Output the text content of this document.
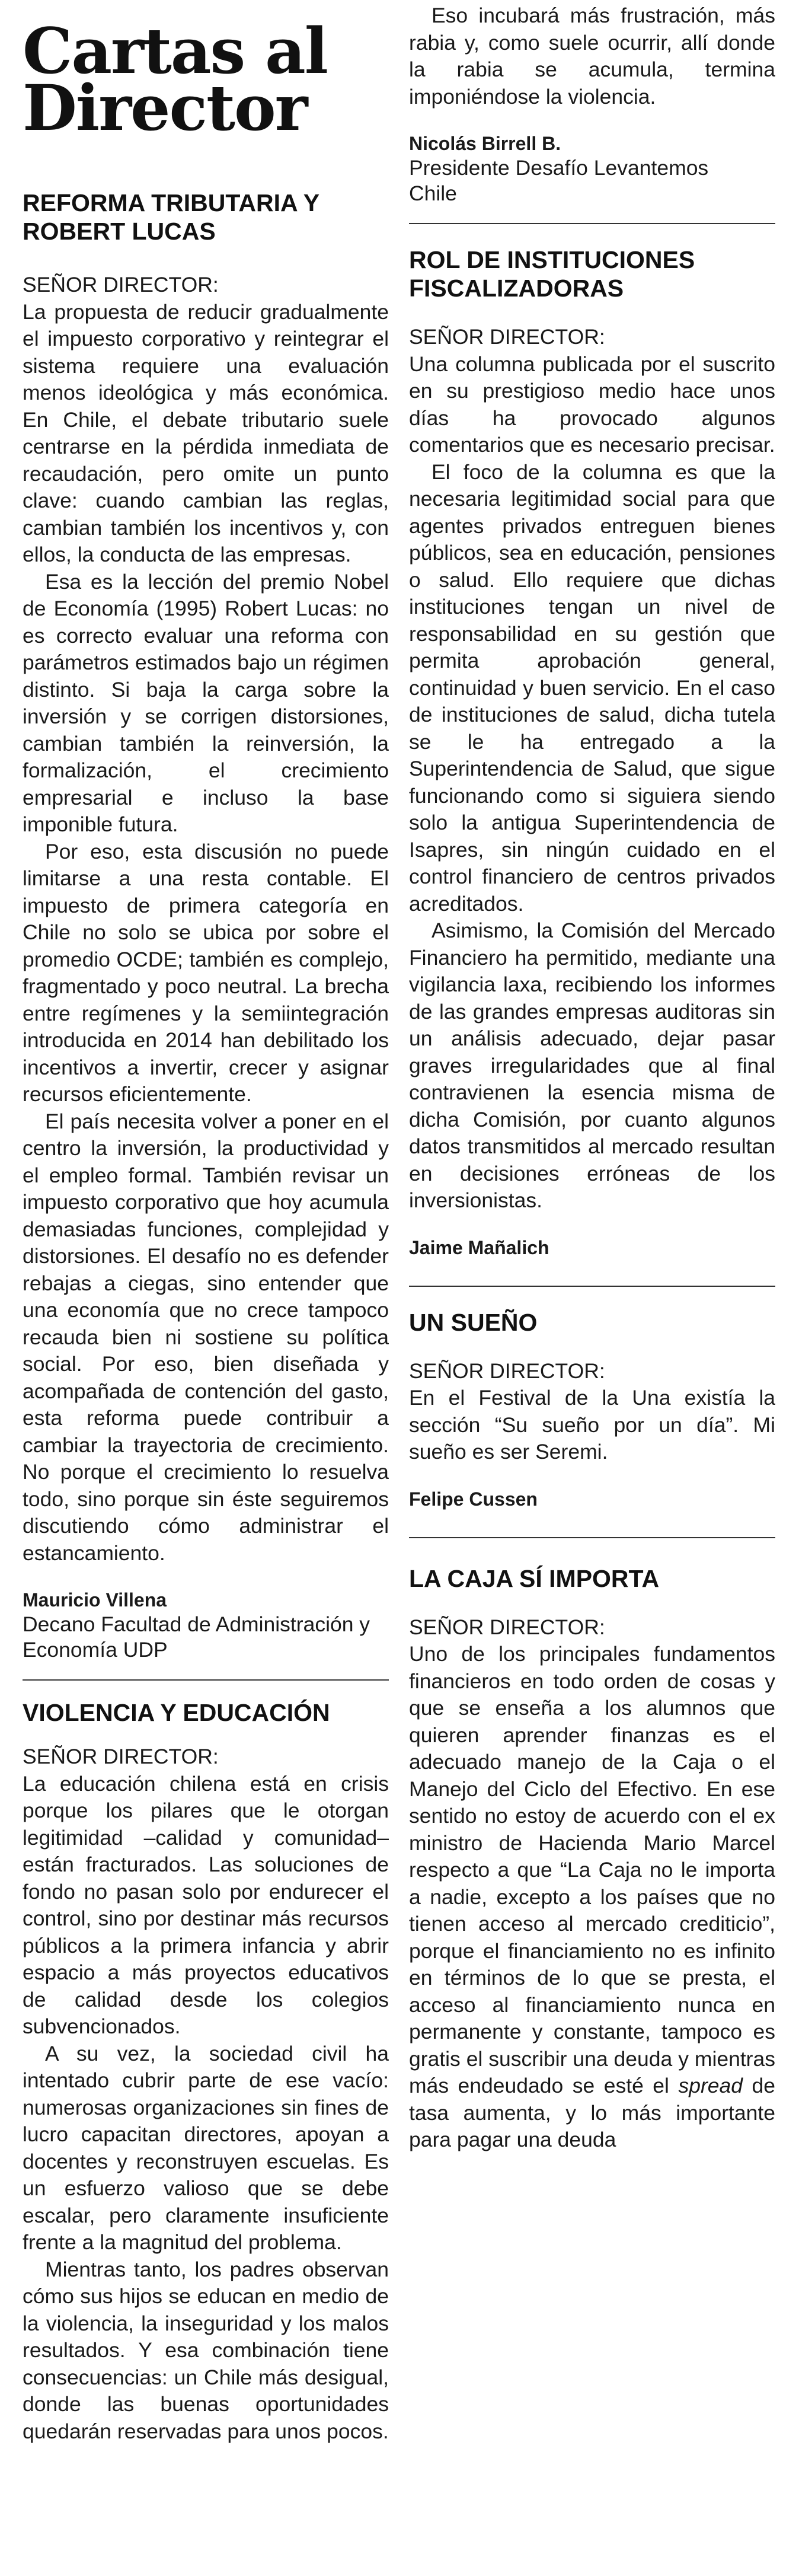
Cartas al
Director
REFORMA TRIBUTARIA Y
ROBERT LUCAS
SEÑOR DIRECTOR:

La propuesta de reducir gradualmente el impuesto corporativo y reintegrar el sistema requiere una evaluación menos ideológica y más económica. En Chile, el debate tributario suele centrarse en la pérdida inmediata de recaudación, pero omite un punto clave: cuando cambian las reglas, cambian también los incentivos y, con ellos, la conducta de las empresas.

Esa es la lección del premio Nobel de Economía (1995) Robert Lucas: no es correcto evaluar una reforma con parámetros estimados bajo un régimen distinto. Si baja la carga sobre la inversión y se corrigen distorsiones, cambian también la reinversión, la formalización, el crecimiento empresarial e incluso la base imponible futura.

Por eso, esta discusión no puede limitarse a una resta contable. El impuesto de primera categoría en Chile no solo se ubica por sobre el promedio OCDE; también es complejo, fragmentado y poco neutral. La brecha entre regímenes y la semiintegración introducida en 2014 han debilitado los incentivos a invertir, crecer y asignar recursos eficientemente.

El país necesita volver a poner en el centro la inversión, la productividad y el empleo formal. También revisar un impuesto corporativo que hoy acumula demasiadas funciones, complejidad y distorsiones. El desafío no es defender rebajas a ciegas, sino entender que una economía que no crece tampoco recauda bien ni sostiene su política social. Por eso, bien diseñada y acompañada de contención del gasto, esta reforma puede contribuir a cambiar la trayectoria de crecimiento. No porque el crecimiento lo resuelva todo, sino porque sin éste seguiremos discutiendo cómo administrar el estancamiento.

Mauricio Villena
Decano Facultad de Administración y
Economía UDP
VIOLENCIA Y EDUCACIÓN
SEÑOR DIRECTOR:

La educación chilena está en crisis porque los pilares que le otorgan legitimidad –calidad y comunidad– están fracturados. Las soluciones de fondo no pasan solo por endurecer el control, sino por destinar más recursos públicos a la primera infancia y abrir espacio a más proyectos educativos de calidad desde los colegios subvencionados.

A su vez, la sociedad civil ha intentado cubrir parte de ese vacío: numerosas organizaciones sin fines de lucro capacitan directores, apoyan a docentes y reconstruyen escuelas. Es un esfuerzo valioso que se debe escalar, pero claramente insuficiente frente a la magnitud del problema.

Mientras tanto, los padres observan cómo sus hijos se educan en medio de la violencia, la inseguridad y los malos resultados. Y esa combinación tiene consecuencias: un Chile más desigual, donde las buenas oportunidades quedarán reservadas para unos pocos.

Eso incubará más frustración, más rabia y, como suele ocurrir, allí donde la rabia se acumula, termina imponiéndose la violencia.

Nicolás Birrell B.
Presidente Desafío Levantemos
Chile
ROL DE INSTITUCIONES
FISCALIZADORAS
SEÑOR DIRECTOR:

Una columna publicada por el suscrito en su prestigioso medio hace unos días ha provocado algunos comentarios que es necesario precisar.

El foco de la columna es que la necesaria legitimidad social para que agentes privados entreguen bienes públicos, sea en educación, pensiones o salud. Ello requiere que dichas instituciones tengan un nivel de responsabilidad en su gestión que permita aprobación general, continuidad y buen servicio. En el caso de instituciones de salud, dicha tutela se le ha entregado a la Superintendencia de Salud, que sigue funcionando como si siguiera siendo solo la antigua Superintendencia de Isapres, sin ningún cuidado en el control financiero de centros privados acreditados.

Asimismo, la Comisión del Mercado Financiero ha permitido, mediante una vigilancia laxa, recibiendo los informes de las grandes empresas auditoras sin un análisis adecuado, dejar pasar graves irregularidades que al final contravienen la esencia misma de dicha Comisión, por cuanto algunos datos transmitidos al mercado resultan en decisiones erróneas de los inversionistas.

Jaime Mañalich
UN SUEÑO
SEÑOR DIRECTOR:

En el Festival de la Una existía la sección “Su sueño por un día”. Mi sueño es ser Seremi.

Felipe Cussen
LA CAJA SÍ IMPORTA
SEÑOR DIRECTOR:

Uno de los principales fundamentos financieros en todo orden de cosas y que se enseña a los alumnos que quieren aprender finanzas es el adecuado manejo de la Caja o el Manejo del Ciclo del Efectivo. En ese sentido no estoy de acuerdo con el ex ministro de Hacienda Mario Marcel respecto a que “La Caja no le importa a nadie, excepto a los países que no tienen acceso al mercado crediticio”, porque el financiamiento no es infinito en términos de lo que se presta, el acceso al financiamiento nunca en permanente y constante, tampoco es gratis el suscribir una deuda y mientras más endeudado se esté el spread de tasa aumenta, y lo más importante para pagar una deuda
